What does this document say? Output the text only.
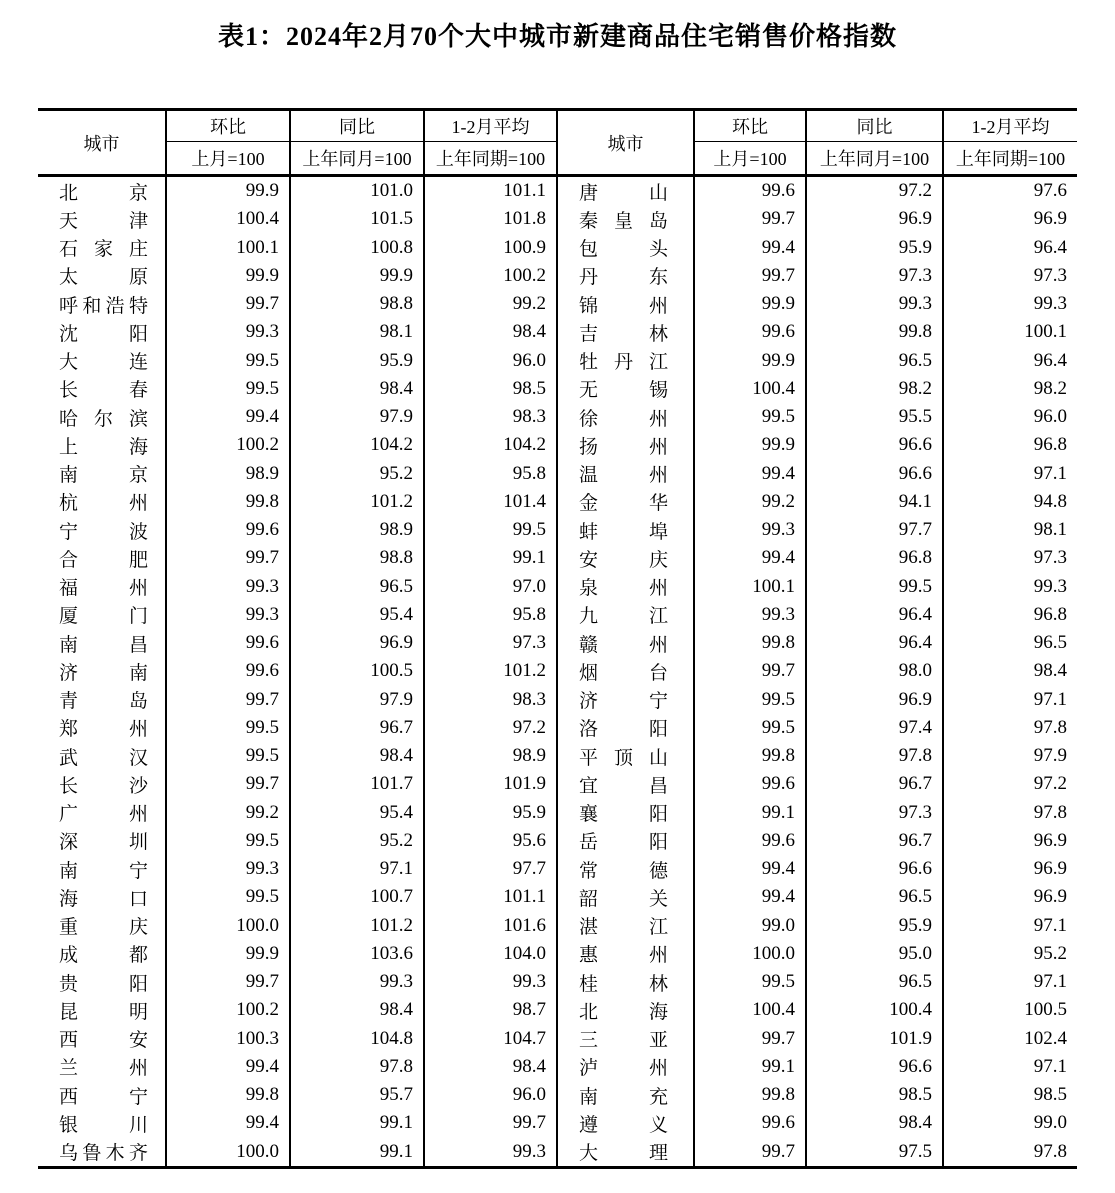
表1：2024年2月70个大中城市新建商品住宅销售价格指数
城市	环比	同比	1-2月平均	城市	环比	同比	1-2月平均
	上月=100	上年同月=100	上年同期=100		上月=100	上年同月=100	上年同期=100

北 京	99.9	101.0	101.1	唐 山	99.6	97.2	97.6

天 津	100.4	101.5	101.8	秦 皇 岛	99.7	96.9	96.9

石 家 庄	100.1	100.8	100.9	包 头	99.4	95.9	96.4

太 原	99.9	99.9	100.2	丹 东	99.7	97.3	97.3

呼 和 浩 特	99.7	98.8	99.2	锦 州	99.9	99.3	99.3

沈 阳	99.3	98.1	98.4	吉 林	99.6	99.8	100.1

大 连	99.5	95.9	96.0	牡 丹 江	99.9	96.5	96.4

长 春	99.5	98.4	98.5	无 锡	100.4	98.2	98.2

哈 尔 滨	99.4	97.9	98.3	徐 州	99.5	95.5	96.0

上 海	100.2	104.2	104.2	扬 州	99.9	96.6	96.8

南 京	98.9	95.2	95.8	温 州	99.4	96.6	97.1

杭 州	99.8	101.2	101.4	金 华	99.2	94.1	94.8

宁 波	99.6	98.9	99.5	蚌 埠	99.3	97.7	98.1

合 肥	99.7	98.8	99.1	安 庆	99.4	96.8	97.3

福 州	99.3	96.5	97.0	泉 州	100.1	99.5	99.3

厦 门	99.3	95.4	95.8	九 江	99.3	96.4	96.8

南 昌	99.6	96.9	97.3	赣 州	99.8	96.4	96.5

济 南	99.6	100.5	101.2	烟 台	99.7	98.0	98.4

青 岛	99.7	97.9	98.3	济 宁	99.5	96.9	97.1

郑 州	99.5	96.7	97.2	洛 阳	99.5	97.4	97.8

武 汉	99.5	98.4	98.9	平 顶 山	99.8	97.8	97.9

长 沙	99.7	101.7	101.9	宜 昌	99.6	96.7	97.2

广 州	99.2	95.4	95.9	襄 阳	99.1	97.3	97.8

深 圳	99.5	95.2	95.6	岳 阳	99.6	96.7	96.9

南 宁	99.3	97.1	97.7	常 德	99.4	96.6	96.9

海 口	99.5	100.7	101.1	韶 关	99.4	96.5	96.9

重 庆	100.0	101.2	101.6	湛 江	99.0	95.9	97.1

成 都	99.9	103.6	104.0	惠 州	100.0	95.0	95.2

贵 阳	99.7	99.3	99.3	桂 林	99.5	96.5	97.1

昆 明	100.2	98.4	98.7	北 海	100.4	100.4	100.5

西 安	100.3	104.8	104.7	三 亚	99.7	101.9	102.4

兰 州	99.4	97.8	98.4	泸 州	99.1	96.6	97.1

西 宁	99.8	95.7	96.0	南 充	99.8	98.5	98.5

银 川	99.4	99.1	99.7	遵 义	99.6	98.4	99.0

乌 鲁 木 齐	100.0	99.1	99.3	大 理	99.7	97.5	97.8
